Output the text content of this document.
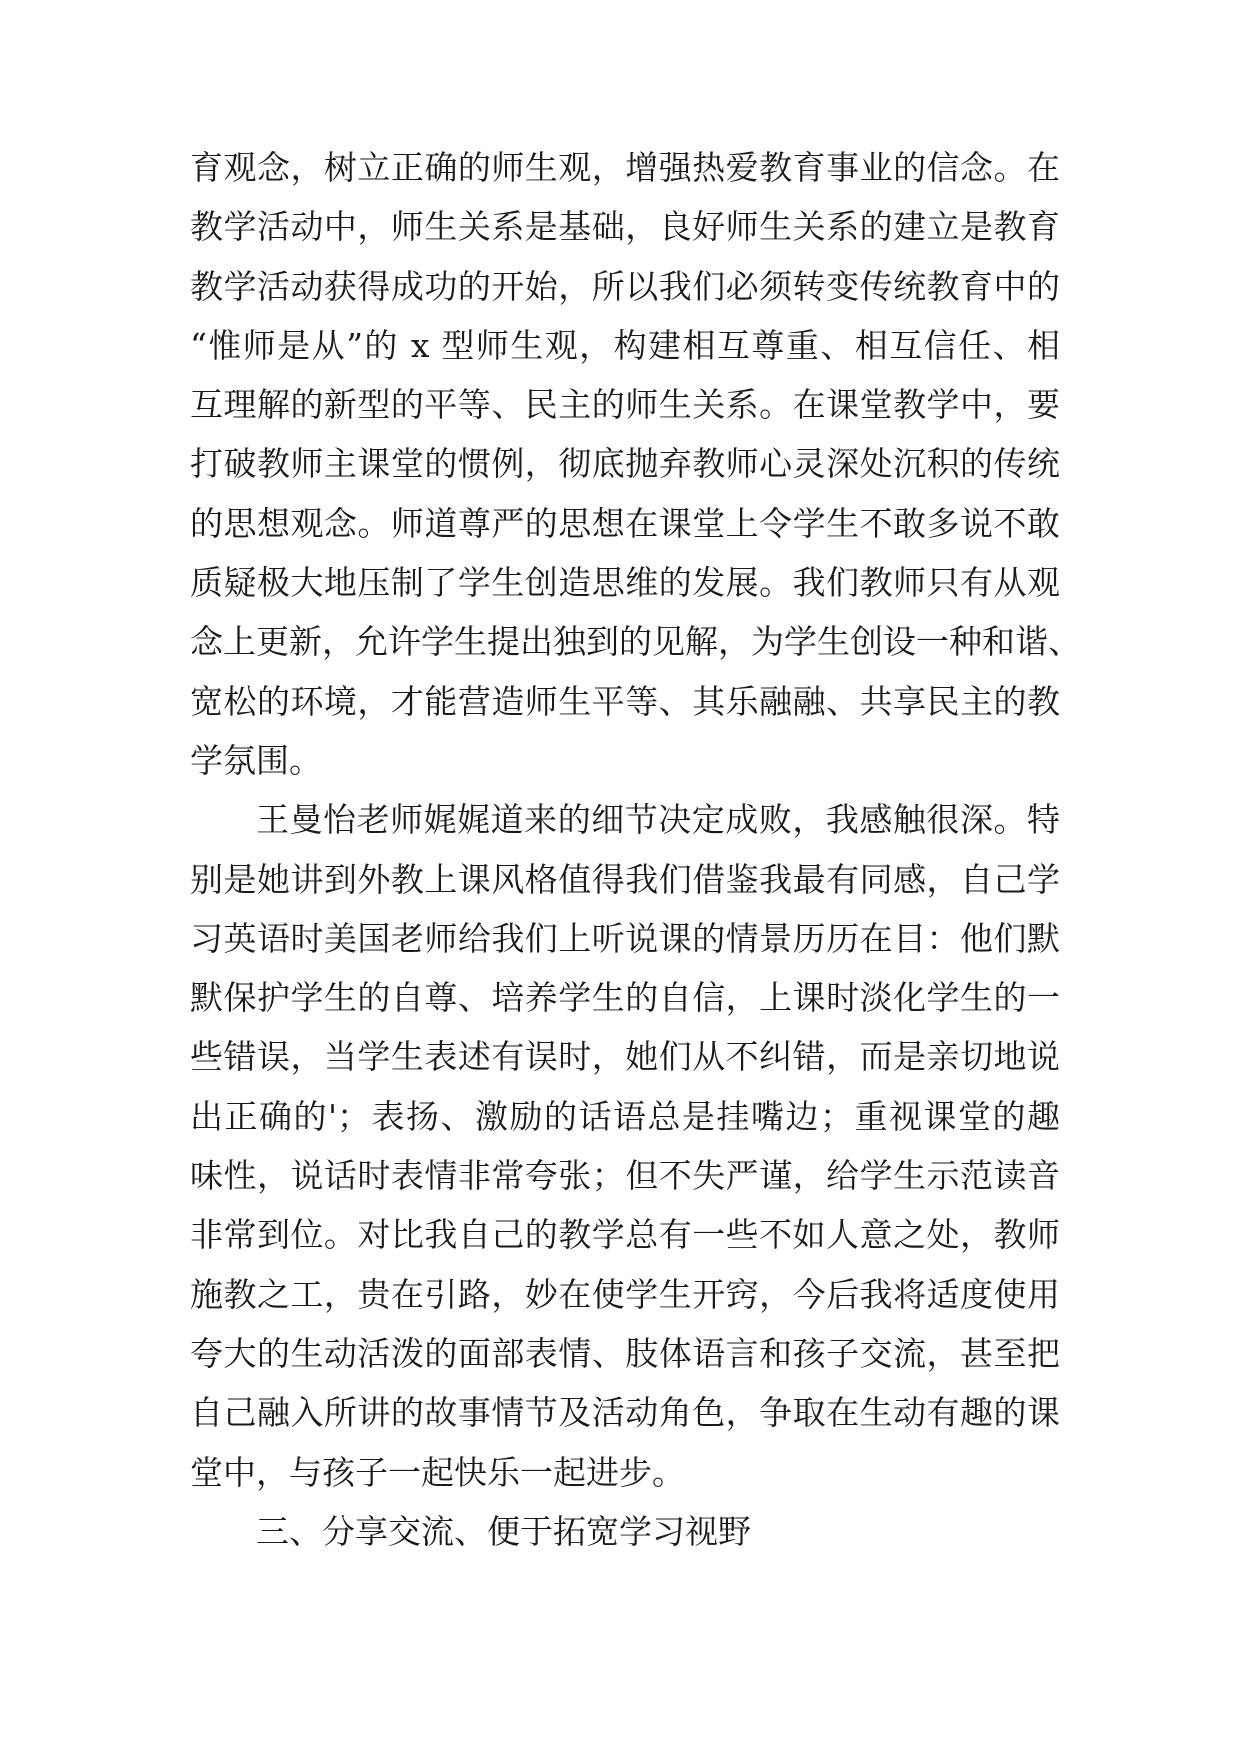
育观念，树立正确的师生观，增强热爱教育事业的信念。在
教学活动中，师生关系是基础，良好师生关系的建立是教育
教学活动获得成功的开始，所以我们必须转变传统教育中的
“惟师是从”的 x 型师生观，构建相互尊重、相互信任、相
互理解的新型的平等、民主的师生关系。在课堂教学中，要
打破教师主课堂的惯例，彻底抛弃教师心灵深处沉积的传统
的思想观念。师道尊严的思想在课堂上令学生不敢多说不敢
质疑极大地压制了学生创造思维的发展。我们教师只有从观
念上更新，允许学生提出独到的见解，为学生创设一种和谐、
宽松的环境，才能营造师生平等、其乐融融、共享民主的教
学氛围。

王曼怡老师娓娓道来的细节决定成败，我感触很深。特
别是她讲到外教上课风格值得我们借鉴我最有同感，自己学
习英语时美国老师给我们上听说课的情景历历在目：他们默
默保护学生的自尊、培养学生的自信，上课时淡化学生的一
些错误，当学生表述有误时，她们从不纠错，而是亲切地说
出正确的'；表扬、激励的话语总是挂嘴边；重视课堂的趣
味性，说话时表情非常夸张；但不失严谨，给学生示范读音
非常到位。对比我自己的教学总有一些不如人意之处，教师
施教之工，贵在引路，妙在使学生开窍，今后我将适度使用
夸大的生动活泼的面部表情、肢体语言和孩子交流，甚至把
自己融入所讲的故事情节及活动角色，争取在生动有趣的课
堂中，与孩子一起快乐一起进步。

三、分享交流、便于拓宽学习视野
